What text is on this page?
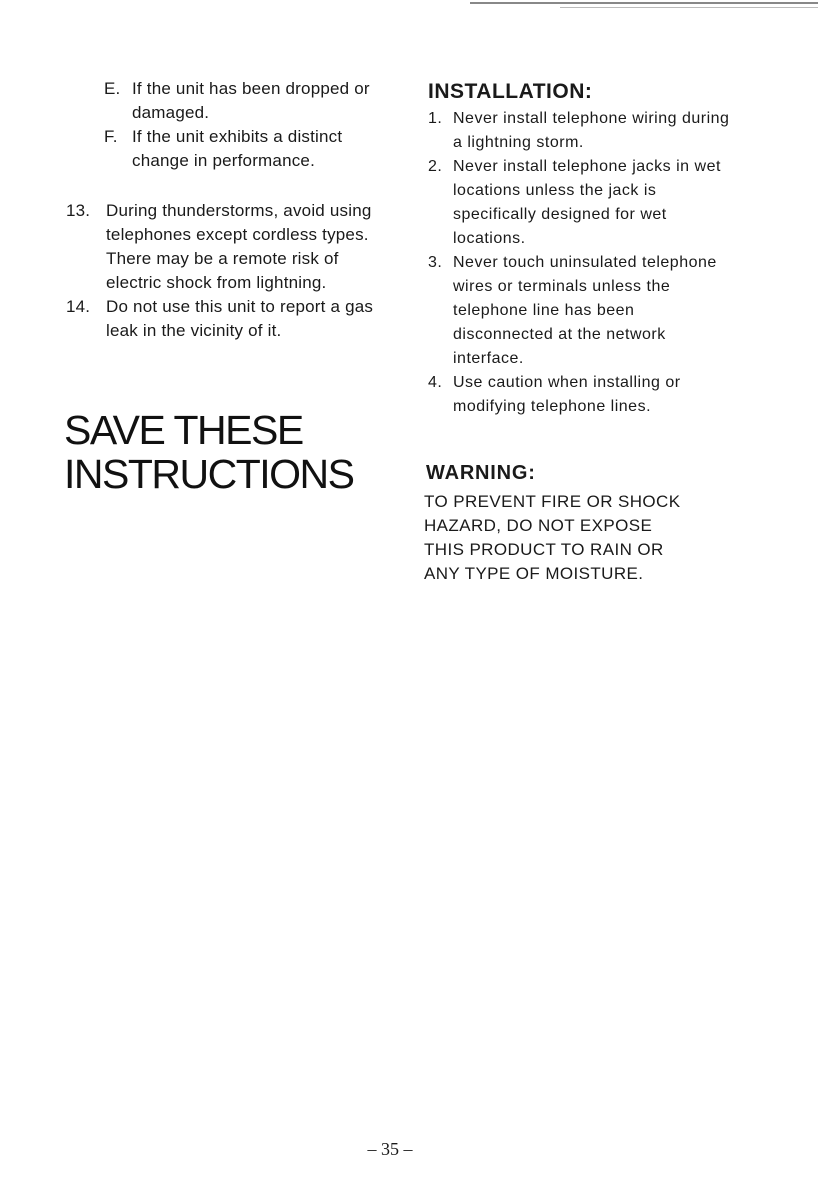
E. If the unit has been dropped or damaged.
F. If the unit exhibits a distinct change in performance.
13. During thunderstorms, avoid using telephones except cordless types. There may be a remote risk of electric shock from lightning.
14. Do not use this unit to report a gas leak in the vicinity of it.
SAVE THESE
INSTRUCTIONS
INSTALLATION:
1. Never install telephone wiring during a lightning storm.
2. Never install telephone jacks in wet locations unless the jack is specifically designed for wet locations.
3. Never touch uninsulated telephone wires or terminals unless the telephone line has been disconnected at the network interface.
4. Use caution when installing or modifying telephone lines.
WARNING:

TO PREVENT FIRE OR SHOCK
HAZARD, DO NOT EXPOSE
THIS PRODUCT TO RAIN OR
ANY TYPE OF MOISTURE.

– 35 –
